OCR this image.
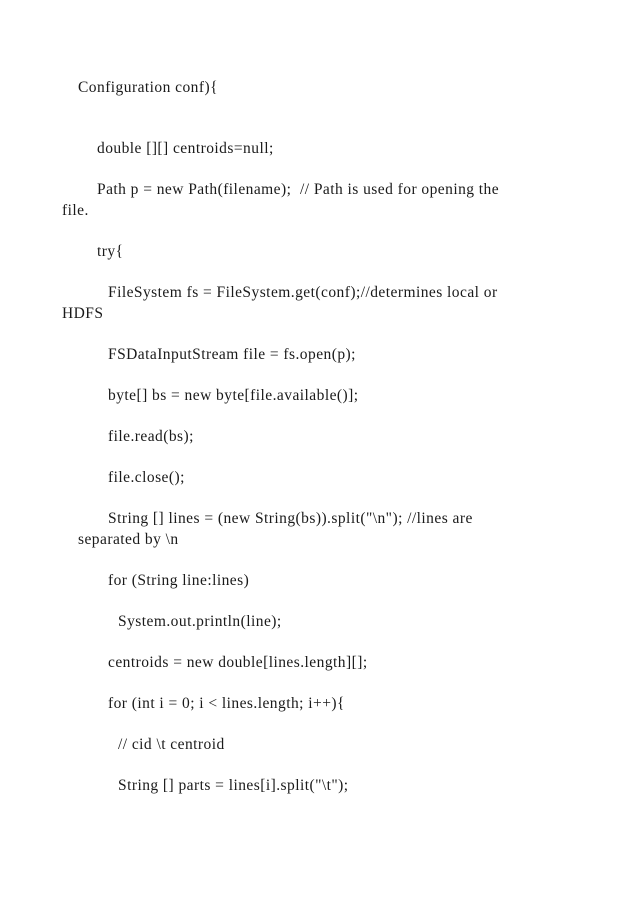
Configuration conf){
double [][] centroids=null;
Path p = new Path(filename);  // Path is used for opening the
file.
try{
FileSystem fs = FileSystem.get(conf);//determines local or
HDFS
FSDataInputStream file = fs.open(p);
byte[] bs = new byte[file.available()];
file.read(bs);
file.close();
String [] lines = (new String(bs)).split("\n"); //lines are
separated by \n
for (String line:lines)
System.out.println(line);
centroids = new double[lines.length][];
for (int i = 0; i < lines.length; i++){
// cid \t centroid
String [] parts = lines[i].split("\t");
